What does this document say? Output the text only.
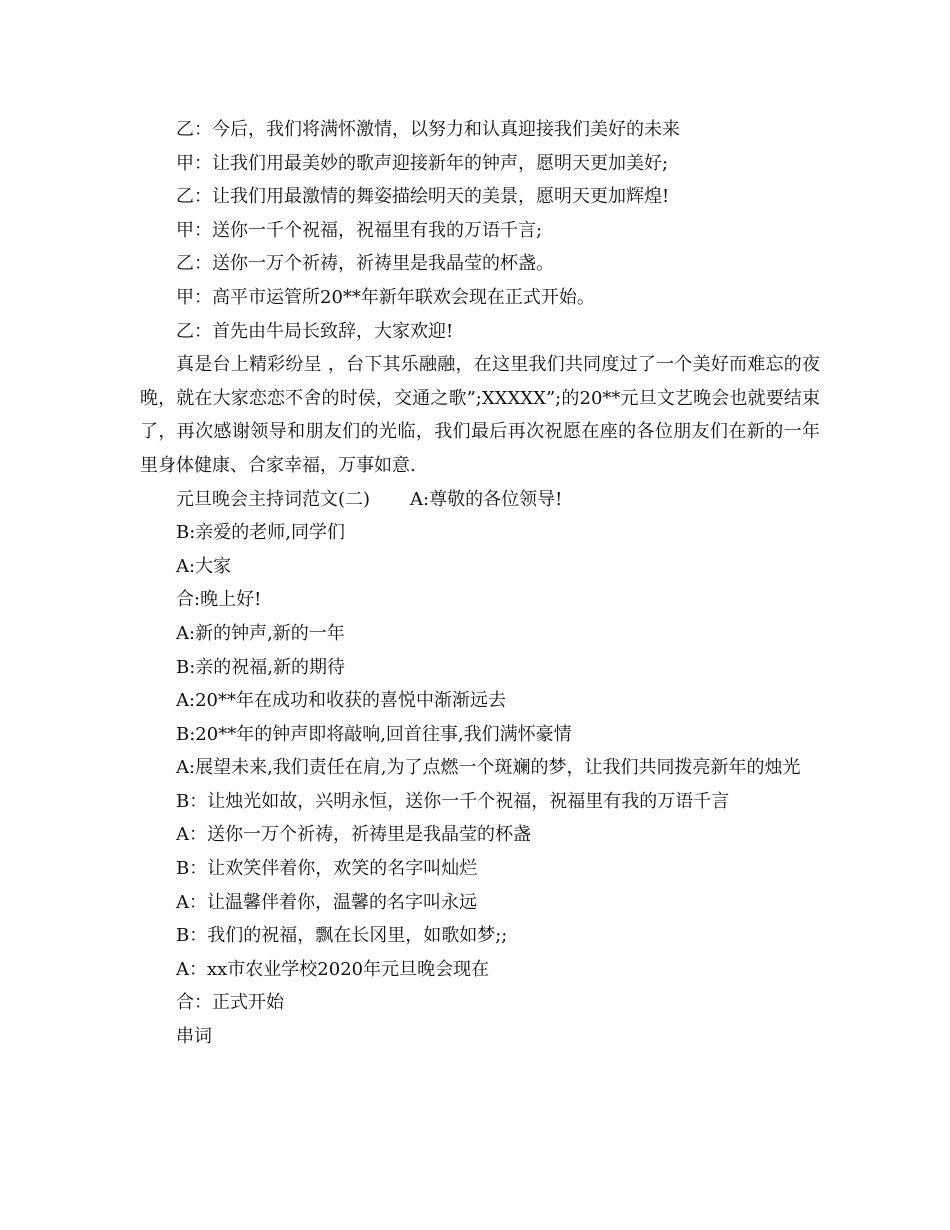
乙：今后，我们将满怀激情，以努力和认真迎接我们美好的未来
甲：让我们用最美妙的歌声迎接新年的钟声，愿明天更加美好;
乙：让我们用最激情的舞姿描绘明天的美景，愿明天更加辉煌!
甲：送你一千个祝福，祝福里有我的万语千言;
乙：送你一万个祈祷，祈祷里是我晶莹的杯盏。
甲：高平市运管所20**年新年联欢会现在正式开始。
乙：首先由牛局长致辞，大家欢迎!
真是台上精彩纷呈 ，台下其乐融融，在这里我们共同度过了一个美好而难忘的夜晚，就在大家恋恋不舍的时侯，交通之歌”;XXXXX”;的20**元旦文艺晚会也就要结束了，再次感谢领导和朋友们的光临，我们最后再次祝愿在座的各位朋友们在新的一年里身体健康、合家幸福，万事如意.
元旦晚会主持词范文(二) A:尊敬的各位领导!
B:亲爱的老师,同学们
A:大家
合:晚上好!
A:新的钟声,新的一年
B:亲的祝福,新的期待
A:20**年在成功和收获的喜悦中渐渐远去
B:20**年的钟声即将敲响,回首往事,我们满怀豪情
A:展望未来,我们责任在肩,为了点燃一个斑斓的梦，让我们共同拨亮新年的烛光
B：让烛光如故，兴明永恒，送你一千个祝福，祝福里有我的万语千言
A：送你一万个祈祷，祈祷里是我晶莹的杯盏
B：让欢笑伴着你，欢笑的名字叫灿烂
A：让温馨伴着你，温馨的名字叫永远
B：我们的祝福，飘在长冈里，如歌如梦;;
A：xx市农业学校2020年元旦晚会现在
合：正式开始
串词
